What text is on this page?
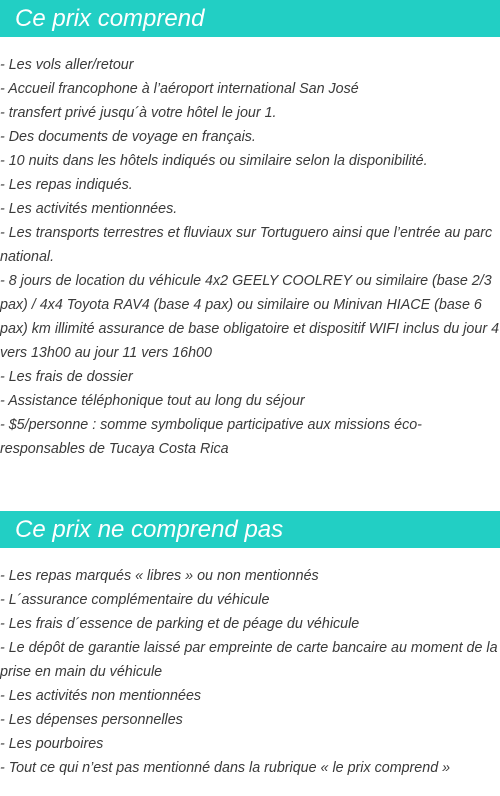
Ce prix comprend
- Les vols aller/retour
- Accueil francophone à l’aéroport international San José
- transfert privé jusqu´à votre hôtel le jour 1.
- Des documents de voyage en français.
- 10 nuits dans les hôtels indiqués ou similaire selon la disponibilité.
- Les repas indiqués.
- Les activités mentionnées.
- Les transports terrestres et fluviaux sur Tortuguero ainsi que l’entrée au parc national.
- 8 jours de location du véhicule 4x2 GEELY COOLREY ou similaire (base 2/3 pax) / 4x4 Toyota RAV4 (base 4 pax) ou similaire ou Minivan HIACE (base 6 pax) km illimité assurance de base obligatoire et dispositif WIFI inclus du jour 4 vers 13h00 au jour 11 vers 16h00
- Les frais de dossier
- Assistance téléphonique tout au long du séjour
- $5/personne : somme symbolique participative aux missions éco-responsables de Tucaya Costa Rica
Ce prix ne comprend pas
- Les repas marqués « libres » ou non mentionnés
- L´assurance complémentaire du véhicule
- Les frais d´essence de parking et de péage du véhicule
- Le dépôt de garantie laissé par empreinte de carte bancaire au moment de la prise en main du véhicule
- Les activités non mentionnées
- Les dépenses personnelles
- Les pourboires
- Tout ce qui n’est pas mentionné dans la rubrique « le prix comprend »
